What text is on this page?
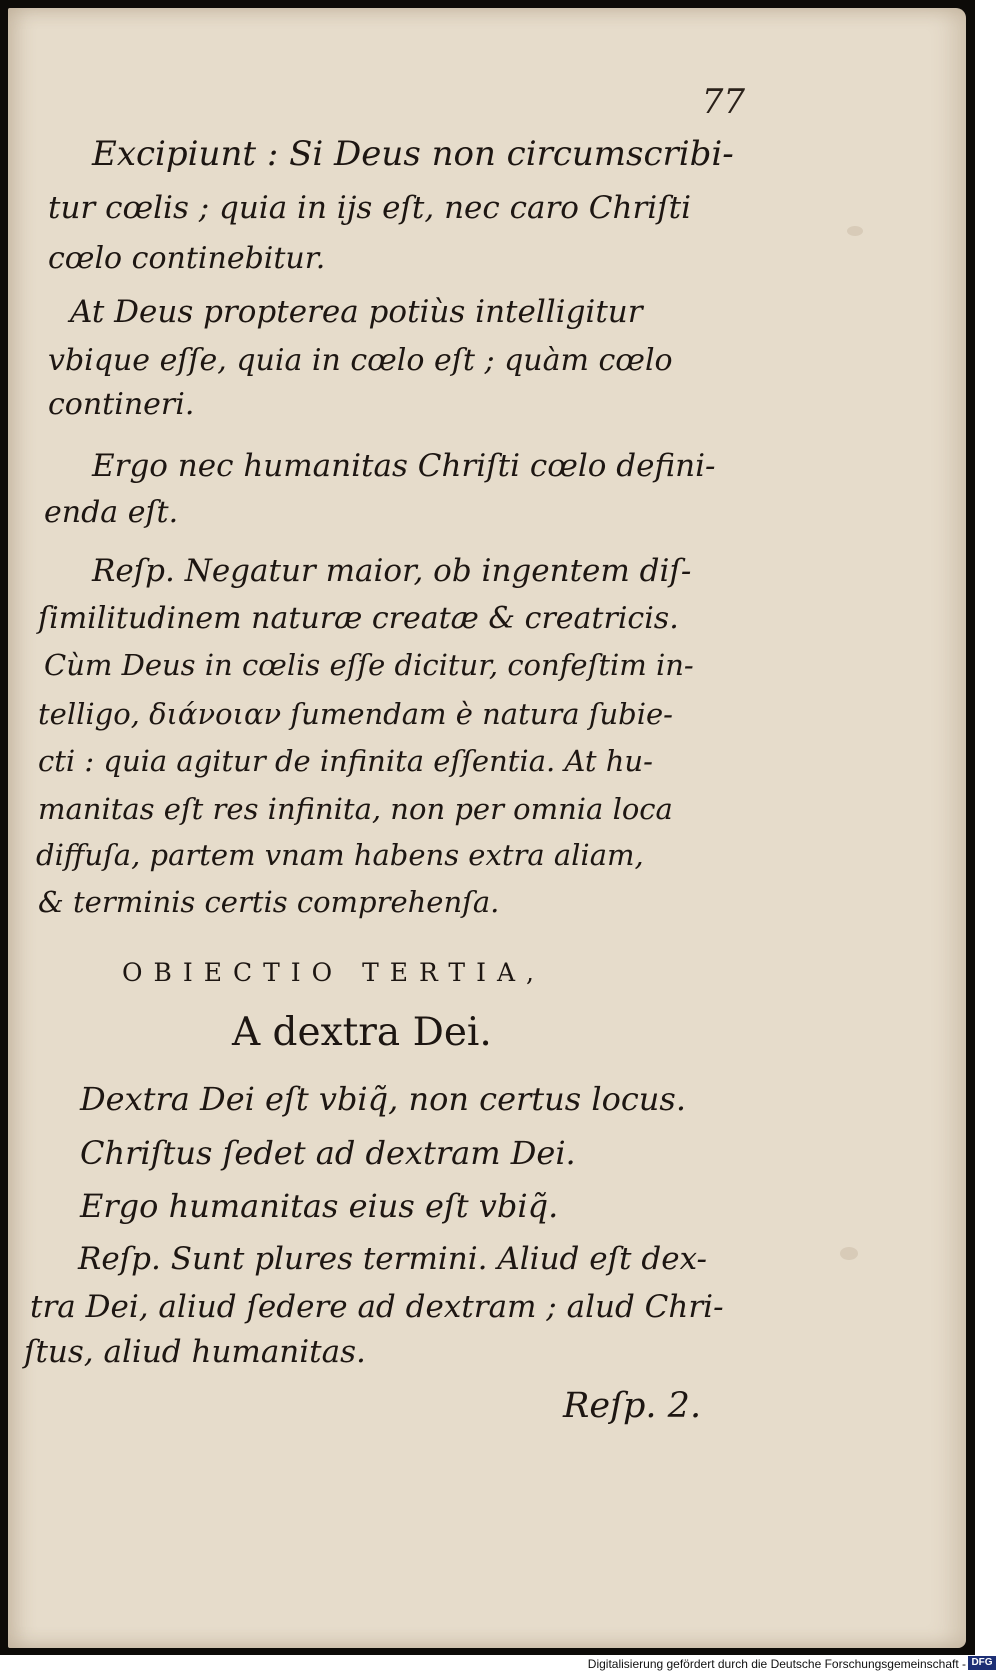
77
Excipiunt : Si Deus non circumscribi-
tur cœlis ; quia in ijs eſt, nec caro Chriſti
cœlo continebitur.
At Deus propterea potiùs intelligitur
vbique eſſe, quia in cœlo eſt ; quàm cœlo
contineri.
Ergo nec humanitas Chriſti cœlo defini-
enda eſt.
Reſp. Negatur maior, ob ingentem diſ-
ſimilitudinem naturæ creatæ & creatricis.
Cùm Deus in cœlis eſſe dicitur, confeſtim in-
telligo, διάνοιαν ſumendam è natura ſubie-
cti : quia agitur de infinita eſſentia. At hu-
manitas eſt res infinita, non per omnia loca
diffuſa, partem vnam habens extra aliam,
& terminis certis comprehenſa.
OBIECTIO TERTIA,
A dextra Dei.
Dextra Dei eſt vbiq̃, non certus locus.
Chriſtus ſedet ad dextram Dei.
Ergo humanitas eius eſt vbiq̃.
Reſp. Sunt plures termini. Aliud eſt dex-
tra Dei, aliud ſedere ad dextram ; alud Chri-
ſtus, aliud humanitas.
Reſp. 2.
Digitalisierung gefördert durch die Deutsche Forschungsgemeinschaft - DFG
